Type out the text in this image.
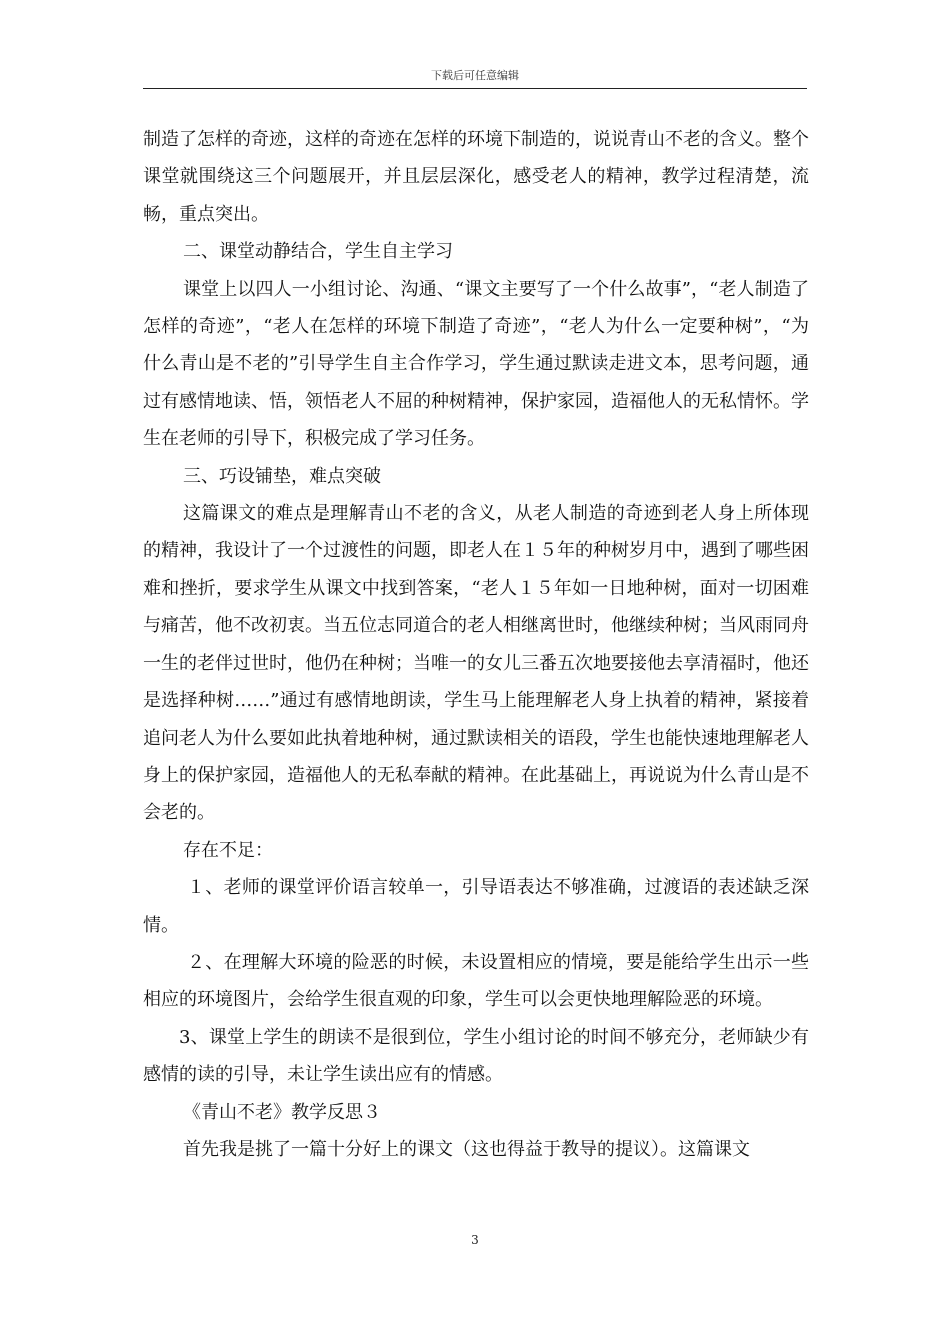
下载后可任意编辑

制造了怎样的奇迹，这样的奇迹在怎样的环境下制造的，说说青山不老的含义。整个课堂就围绕这三个问题展开，并且层层深化，感受老人的精神，教学过程清楚，流畅，重点突出。

二、课堂动静结合，学生自主学习

课堂上以四人一小组讨论、沟通、“课文主要写了一个什么故事”，“老人制造了怎样的奇迹”，“老人在怎样的环境下制造了奇迹”，“老人为什么一定要种树”，“为什么青山是不老的”引导学生自主合作学习，学生通过默读走进文本，思考问题，通过有感情地读、悟，领悟老人不屈的种树精神，保护家园，造福他人的无私情怀。学生在老师的引导下，积极完成了学习任务。

三、巧设铺垫，难点突破

这篇课文的难点是理解青山不老的含义，从老人制造的奇迹到老人身上所体现的精神，我设计了一个过渡性的问题，即老人在１５年的种树岁月中，遇到了哪些困难和挫折，要求学生从课文中找到答案，“老人１５年如一日地种树，面对一切困难与痛苦，他不改初衷。当五位志同道合的老人相继离世时，他继续种树；当风雨同舟一生的老伴过世时，他仍在种树；当唯一的女儿三番五次地要接他去享清福时，他还是选择种树……”通过有感情地朗读，学生马上能理解老人身上执着的精神，紧接着追问老人为什么要如此执着地种树，通过默读相关的语段，学生也能快速地理解老人身上的保护家园，造福他人的无私奉献的精神。在此基础上，再说说为什么青山是不会老的。

存在不足：

１、老师的课堂评价语言较单一，引导语表达不够准确，过渡语的表述缺乏深情。

２、在理解大环境的险恶的时候，未设置相应的情境，要是能给学生出示一些相应的环境图片，会给学生很直观的印象，学生可以会更快地理解险恶的环境。

3、课堂上学生的朗读不是很到位，学生小组讨论的时间不够充分，老师缺少有感情的读的引导，未让学生读出应有的情感。

《青山不老》教学反思３

首先我是挑了一篇十分好上的课文（这也得益于教导的提议）。这篇课文

3
